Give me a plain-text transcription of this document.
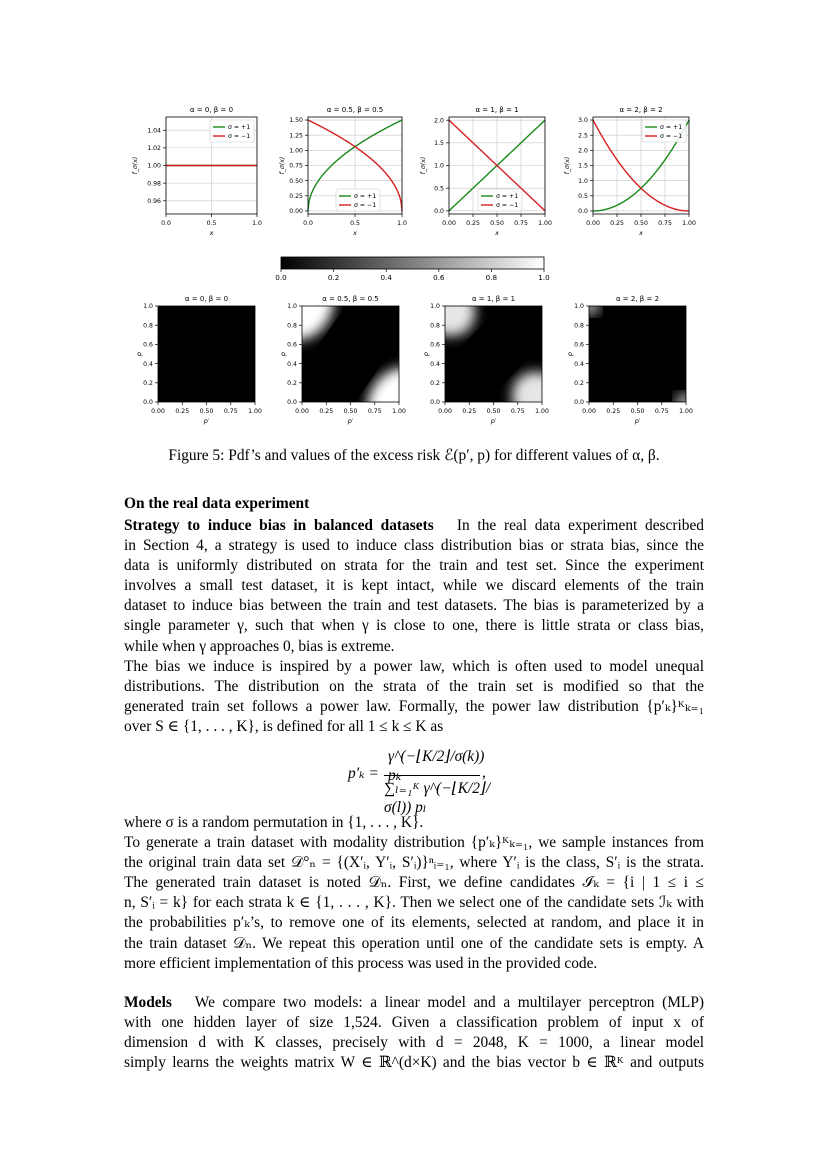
0.0	0.5	1.0
0.96
0.98
1.00
1.02
1.04
α = 0, β = 0
x
f_σ(x)
σ = +1
σ = −1
0.0	0.5	1.0
0.00
0.25
0.50
0.75
1.00
1.25
1.50
α = 0.5, β = 0.5
x
f_σ(x)
σ = +1
σ = −1
0.00 0.25 0.50 0.75 1.00
0.0
0.5
1.0
1.5
2.0
α = 1, β = 1
x
f_σ(x)
σ = +1
σ = −1
0.00 0.25 0.50 0.75 1.00
0.0
0.5
1.0
1.5
2.0
2.5
3.0
α = 2, β = 2
x
f_σ(x)
σ = +1
σ = −1
0.0	0.2	0.4	0.6	0.8	1.0
0.00 0.25 0.50 0.75 1.00
0.0
0.2
0.4
0.6
0.8
1.0
α = 0, β = 0
p′
p
0.00 0.25 0.50 0.75 1.00
0.0
0.2
0.4
0.6
0.8
1.0
α = 0.5, β = 0.5
p′
p
0.00 0.25 0.50 0.75 1.00
0.0
0.2
0.4
0.6
0.8
1.0
α = 1, β = 1
p′
p
0.00 0.25 0.50 0.75 1.00
0.0
0.2
0.4
0.6
0.8
1.0
α = 2, β = 2
p′
p
Figure 5: Pdf’s and values of the excess risk ℰ(p′, p) for different values of α, β.
On the real data experiment
Strategy to induce bias in balanced datasets In the real data experiment described
in Section 4, a strategy is used to induce class distribution bias or strata bias, since the
data is uniformly distributed on strata for the train and test set. Since the experiment
involves a small test dataset, it is kept intact, while we discard elements of the train
dataset to induce bias between the train and test datasets. The bias is parameterized by a
single parameter γ, such that when γ is close to one, there is little strata or class bias,
while when γ approaches 0, bias is extreme.
The bias we induce is inspired by a power law, which is often used to model unequal
distributions. The distribution on the strata of the train set is modified so that the
generated train set follows a power law. Formally, the power law distribution {p′ₖ}ᴷₖ₌₁
over S ∈ {1, . . . , K}, is defined for all 1 ≤ k ≤ K as
p′ₖ =
γ^(−⌊K/2⌋/σ(k)) pₖ
∑ₗ₌₁ᴷ γ^(−⌊K/2⌋/σ(l)) pₗ
,
where σ is a random permutation in {1, . . . , K}.
To generate a train dataset with modality distribution {p′ₖ}ᴷₖ₌₁, we sample instances from
the original train data set 𝒟°ₙ = {(X′ᵢ, Y′ᵢ, S′ᵢ)}ⁿᵢ₌₁, where Y′ᵢ is the class, S′ᵢ is the strata.
The generated train dataset is noted 𝒟ₙ. First, we define candidates ℐₖ = {i | 1 ≤ i ≤
n, S′ᵢ = k} for each strata k ∈ {1, . . . , K}. Then we select one of the candidate sets ℐₖ with
the probabilities p′ₖ’s, to remove one of its elements, selected at random, and place it in
the train dataset 𝒟ₙ. We repeat this operation until one of the candidate sets is empty. A
more efficient implementation of this process was used in the provided code.
Models We compare two models: a linear model and a multilayer perceptron (MLP)
with one hidden layer of size 1,524. Given a classification problem of input x of
dimension d with K classes, precisely with d = 2048, K = 1000, a linear model
simply learns the weights matrix W ∈ ℝ^(d×K) and the bias vector b ∈ ℝᴷ and outputs
